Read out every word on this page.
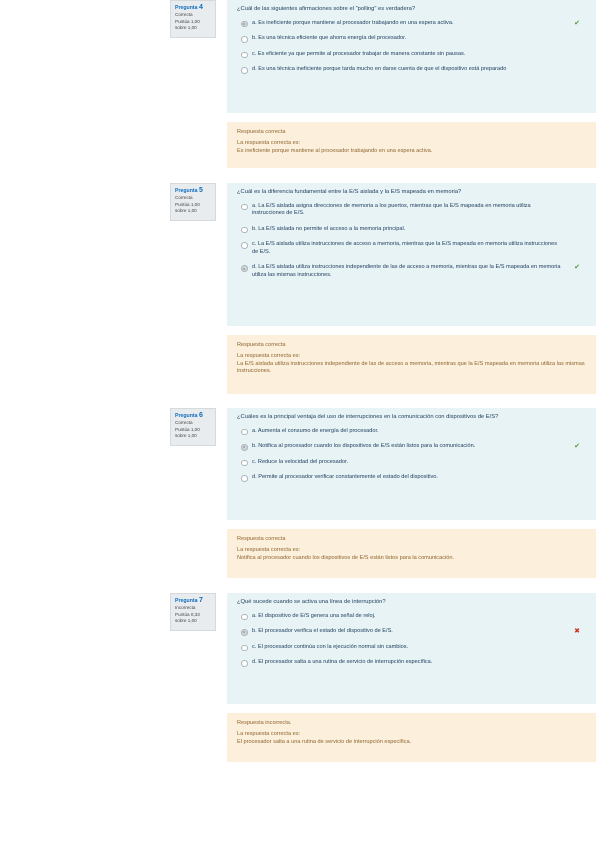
Pregunta 4
Correcta
Puntúa 1,00
sobre 1,00
¿Cuál de las siguientes afirmaciones sobre el "polling" es verdadera?
a. Es ineficiente porque mantiene al procesador trabajando en una espera activa.	✔
b. Es una técnica eficiente que ahorra energía del procesador.
c. Es eficiente ya que permite al procesador trabajar de manera constante sin pausas.
d. Es una técnica ineficiente porque tarda mucho en darse cuenta de que el dispositivo está preparado
Respuesta correcta
La respuesta correcta es:
Es ineficiente porque mantiene al procesador trabajando en una espera activa.
Pregunta 5
Correcta
Puntúa 1,00
sobre 1,00
¿Cuál es la diferencia fundamental entre la E/S aislada y la E/S mapeada en memoria?
a. La E/S aislada asigna direcciones de memoria a los puertos, mientras que la E/S mapeada en memoria utiliza instrucciones de E/S.
b. La E/S aislada no permite el acceso a la memoria principal.
c. La E/S aislada utiliza instrucciones de acceso a memoria, mientras que la E/S mapeada en memoria utiliza instrucciones de E/S.
d. La E/S aislada utiliza instrucciones independiente de las de acceso a memoria, mientras que la E/S mapeada en memoria utiliza las mismas instrucciones.
✔
Respuesta correcta
La respuesta correcta es:
La E/S aislada utiliza instrucciones independiente de las de acceso a memoria, mientras que la E/S mapeada en memoria utiliza las mismas instrucciones.
Pregunta 6
Correcta
Puntúa 1,00
sobre 1,00
¿Cuáles es la principal ventaja del uso de interrupciones en la comunicación con dispositivos de E/S?
a. Aumenta el consumo de energía del procesador.
b. Notifica al procesador cuando los dispositivos de E/S están listos para la comunicación.	✔
c. Reduce la velocidad del procesador.
d. Permite al procesador verificar constantemente el estado del dispositivo.
Respuesta correcta
La respuesta correcta es:
Notifica al procesador cuando los dispositivos de E/S están listos para la comunicación.
Pregunta 7
Incorrecta
Puntúa 0,33
sobre 1,00
¿Qué sucede cuando se activa una línea de interrupción?
a. El dispositivo de E/S genera una señal de reloj.
b. El procesador verifica el estado del dispositivo de E/S.	✖
c. El procesador continúa con la ejecución normal sin cambios.
d. El procesador salta a una rutina de servicio de interrupción específica.
Respuesta incorrecta.
La respuesta correcta es:
El procesador salta a una rutina de servicio de interrupción específica.
